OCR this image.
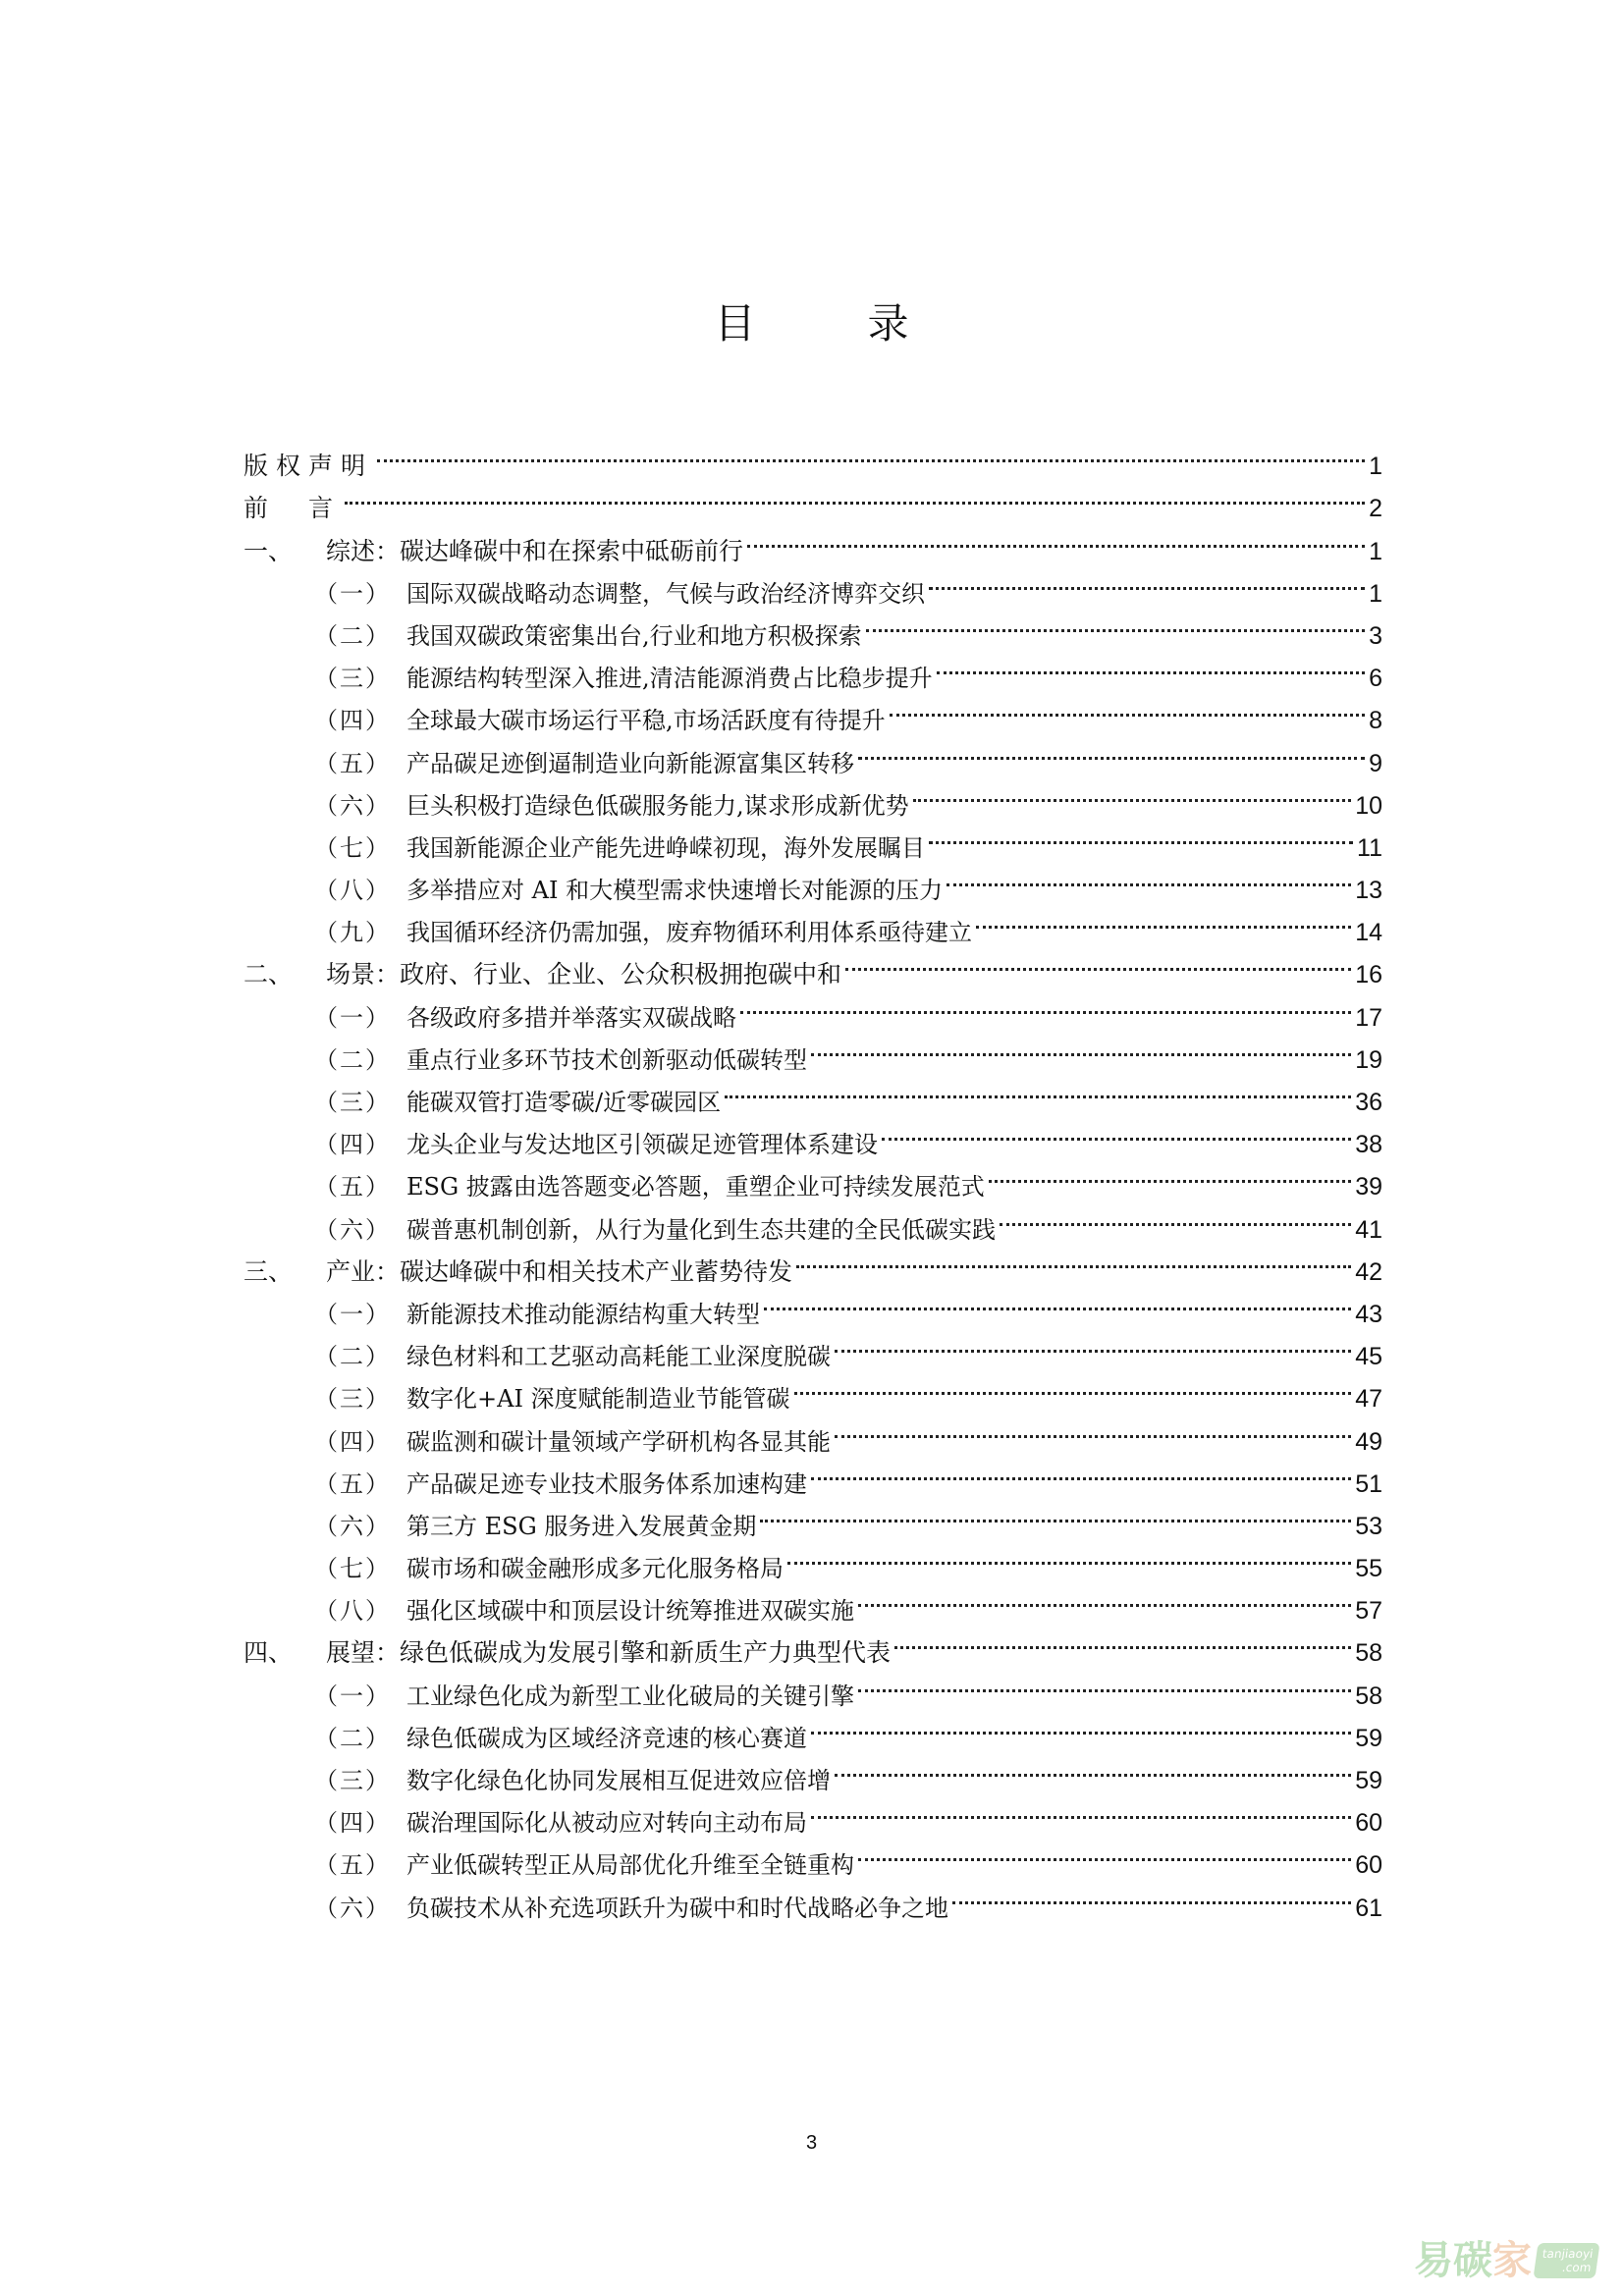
目　录
版权声明	1
前　言	2
一、	综述：碳达峰碳中和在探索中砥砺前行	1
（一） 国际双碳战略动态调整，气候与政治经济博弈交织	1
（二） 我国双碳政策密集出台,行业和地方积极探索	3
（三） 能源结构转型深入推进,清洁能源消费占比稳步提升	6
（四） 全球最大碳市场运行平稳,市场活跃度有待提升	8
（五） 产品碳足迹倒逼制造业向新能源富集区转移	9
（六） 巨头积极打造绿色低碳服务能力,谋求形成新优势	10
（七） 我国新能源企业产能先进峥嵘初现，海外发展瞩目	11
（八） 多举措应对 AI 和大模型需求快速增长对能源的压力	13
（九） 我国循环经济仍需加强，废弃物循环利用体系亟待建立	14
二、	场景：政府、行业、企业、公众积极拥抱碳中和	16
（一） 各级政府多措并举落实双碳战略	17
（二） 重点行业多环节技术创新驱动低碳转型	19
（三） 能碳双管打造零碳/近零碳园区	36
（四） 龙头企业与发达地区引领碳足迹管理体系建设	38
（五） ESG 披露由选答题变必答题，重塑企业可持续发展范式	39
（六） 碳普惠机制创新，从行为量化到生态共建的全民低碳实践	41
三、	产业：碳达峰碳中和相关技术产业蓄势待发	42
（一） 新能源技术推动能源结构重大转型	43
（二） 绿色材料和工艺驱动高耗能工业深度脱碳	45
（三） 数字化+AI 深度赋能制造业节能管碳	47
（四） 碳监测和碳计量领域产学研机构各显其能	49
（五） 产品碳足迹专业技术服务体系加速构建	51
（六） 第三方 ESG 服务进入发展黄金期	53
（七） 碳市场和碳金融形成多元化服务格局	55
（八） 强化区域碳中和顶层设计统筹推进双碳实施	57
四、	展望：绿色低碳成为发展引擎和新质生产力典型代表	58
（一） 工业绿色化成为新型工业化破局的关键引擎	58
（二） 绿色低碳成为区域经济竞速的核心赛道	59
（三） 数字化绿色化协同发展相互促进效应倍增	59
（四） 碳治理国际化从被动应对转向主动布局	60
（五） 产业低碳转型正从局部优化升维至全链重构	60
（六） 负碳技术从补充选项跃升为碳中和时代战略必争之地	61
3
易 碳 家 tanjiaoyi
.com
